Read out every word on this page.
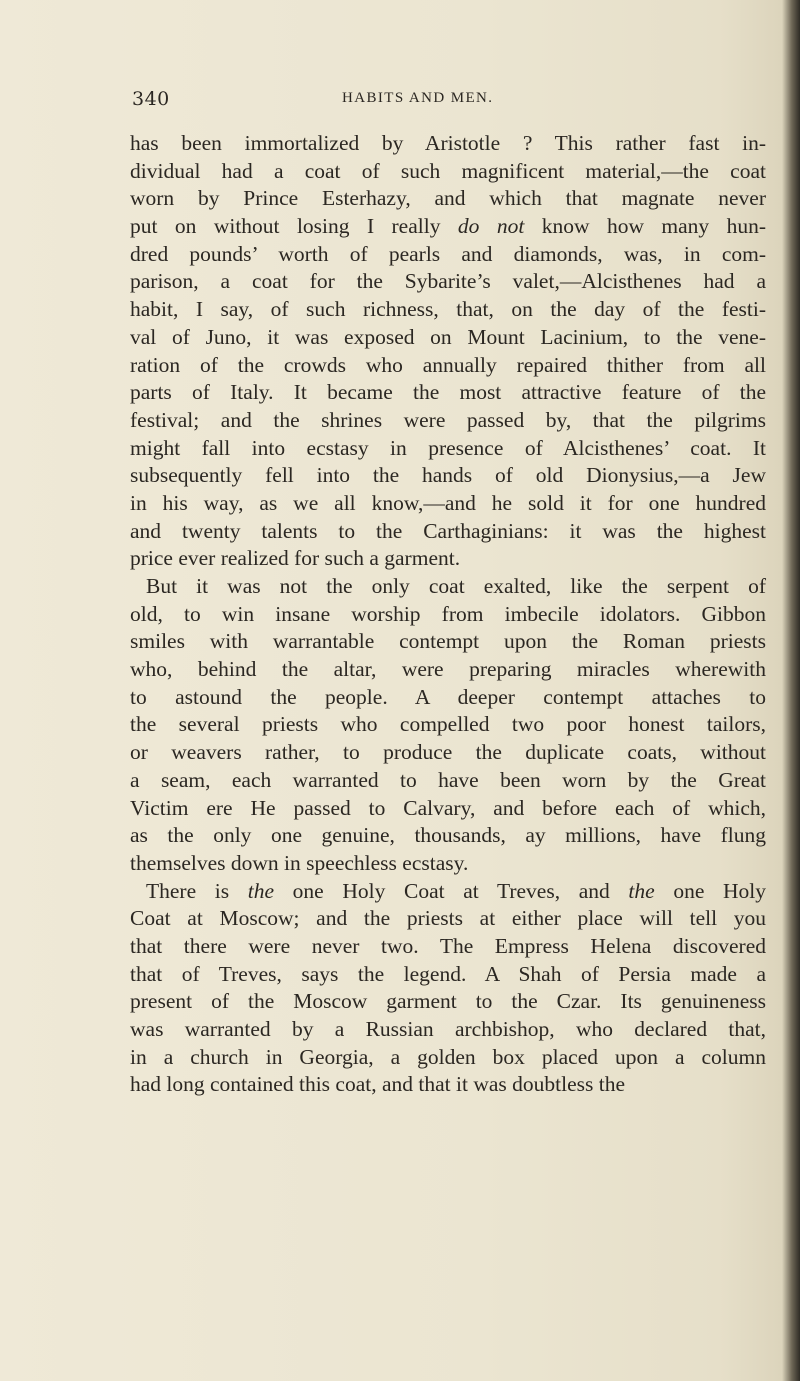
340	HABITS AND MEN.
has been immortalized by Aristotle ? This rather fast in-
dividual had a coat of such magnificent material,—the coat
worn by Prince Esterhazy, and which that magnate never
put on without losing I really do not know how many hun-
dred pounds’ worth of pearls and diamonds, was, in com-
parison, a coat for the Sybarite’s valet,—Alcisthenes had a
habit, I say, of such richness, that, on the day of the festi-
val of Juno, it was exposed on Mount Lacinium, to the vene-
ration of the crowds who annually repaired thither from all
parts of Italy. It became the most attractive feature of the
festival; and the shrines were passed by, that the pilgrims
might fall into ecstasy in presence of Alcisthenes’ coat. It
subsequently fell into the hands of old Dionysius,—a Jew
in his way, as we all know,—and he sold it for one hundred
and twenty talents to the Carthaginians: it was the highest
price ever realized for such a garment.
But it was not the only coat exalted, like the serpent of
old, to win insane worship from imbecile idolators. Gibbon
smiles with warrantable contempt upon the Roman priests
who, behind the altar, were preparing miracles wherewith
to astound the people. A deeper contempt attaches to
the several priests who compelled two poor honest tailors,
or weavers rather, to produce the duplicate coats, without
a seam, each warranted to have been worn by the Great
Victim ere He passed to Calvary, and before each of which,
as the only one genuine, thousands, ay millions, have flung
themselves down in speechless ecstasy.
There is the one Holy Coat at Treves, and the one Holy
Coat at Moscow; and the priests at either place will tell you
that there were never two. The Empress Helena discovered
that of Treves, says the legend. A Shah of Persia made a
present of the Moscow garment to the Czar. Its genuineness
was warranted by a Russian archbishop, who declared that,
in a church in Georgia, a golden box placed upon a column
had long contained this coat, and that it was doubtless the
